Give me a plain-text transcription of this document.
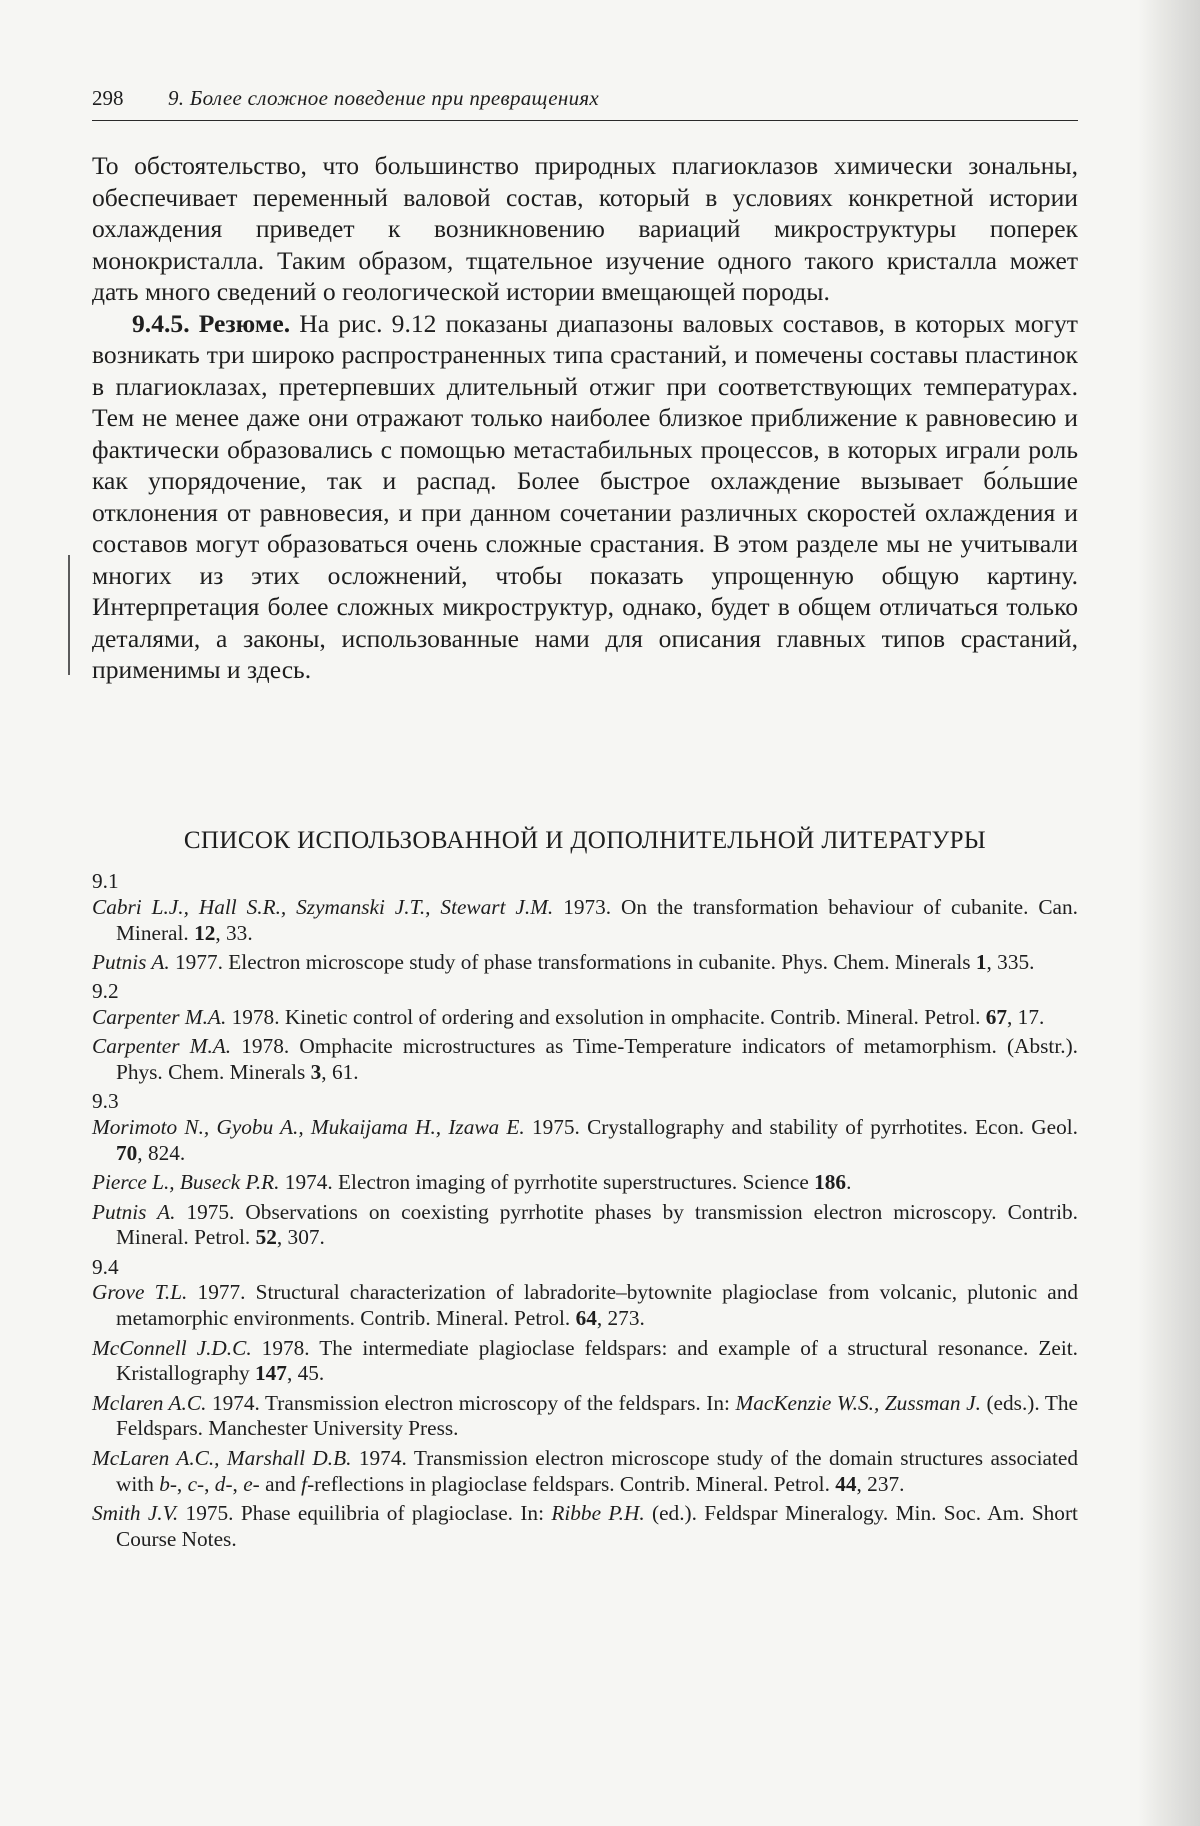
298 9. Более сложное поведение при превращениях

То обстоятельство, что большинство природных плагиоклазов химически зональны, обеспечивает переменный валовой состав, который в условиях конкретной истории охлаждения приведет к возникновению вариаций микроструктуры поперек монокристалла. Таким образом, тщательное изучение одного такого кристалла может дать много сведений о геологической истории вмещающей породы.

9.4.5. Резюме. На рис. 9.12 показаны диапазоны валовых составов, в которых могут возникать три широко распространенных типа срастаний, и помечены составы пластинок в плагиоклазах, претерпевших длительный отжиг при соответствующих температурах. Тем не менее даже они отражают только наиболее близкое приближение к равновесию и фактически образовались с помощью метастабильных процессов, в которых играли роль как упорядочение, так и распад. Более быстрое охлаждение вызывает бо́льшие отклонения от равновесия, и при данном сочетании различных скоростей охлаждения и составов могут образоваться очень сложные срастания. В этом разделе мы не учитывали многих из этих осложнений, чтобы показать упрощенную общую картину. Интерпретация более сложных микроструктур, однако, будет в общем отличаться только деталями, а законы, использованные нами для описания главных типов срастаний, применимы и здесь.

СПИСОК ИСПОЛЬЗОВАННОЙ И ДОПОЛНИТЕЛЬНОЙ ЛИТЕРАТУРЫ
9.1

Cabri L.J., Hall S.R., Szymanski J.T., Stewart J.M. 1973. On the transformation behaviour of cubanite. Can. Mineral. 12, 33.

Putnis A. 1977. Electron microscope study of phase transformations in cubanite. Phys. Chem. Minerals 1, 335.

9.2

Carpenter M.A. 1978. Kinetic control of ordering and exsolution in omphacite. Contrib. Mineral. Petrol. 67, 17.

Carpenter M.A. 1978. Omphacite microstructures as Time-Temperature indicators of metamorphism. (Abstr.). Phys. Chem. Minerals 3, 61.

9.3

Morimoto N., Gyobu A., Mukaijama H., Izawa E. 1975. Crystallography and stability of pyrrhotites. Econ. Geol. 70, 824.

Pierce L., Buseck P.R. 1974. Electron imaging of pyrrhotite superstructures. Science 186.

Putnis A. 1975. Observations on coexisting pyrrhotite phases by transmission electron microscopy. Contrib. Mineral. Petrol. 52, 307.

9.4

Grove T.L. 1977. Structural characterization of labradorite–bytownite plagioclase from volcanic, plutonic and metamorphic environments. Contrib. Mineral. Petrol. 64, 273.

McConnell J.D.C. 1978. The intermediate plagioclase feldspars: and example of a structural resonance. Zeit. Kristallography 147, 45.

Mclaren A.C. 1974. Transmission electron microscopy of the feldspars. In: MacKenzie W.S., Zussman J. (eds.). The Feldspars. Manchester University Press.

McLaren A.C., Marshall D.B. 1974. Transmission electron microscope study of the domain structures associated with b-, c-, d-, e- and f-reflections in plagioclase feldspars. Contrib. Mineral. Petrol. 44, 237.

Smith J.V. 1975. Phase equilibria of plagioclase. In: Ribbe P.H. (ed.). Feldspar Mineralogy. Min. Soc. Am. Short Course Notes.
